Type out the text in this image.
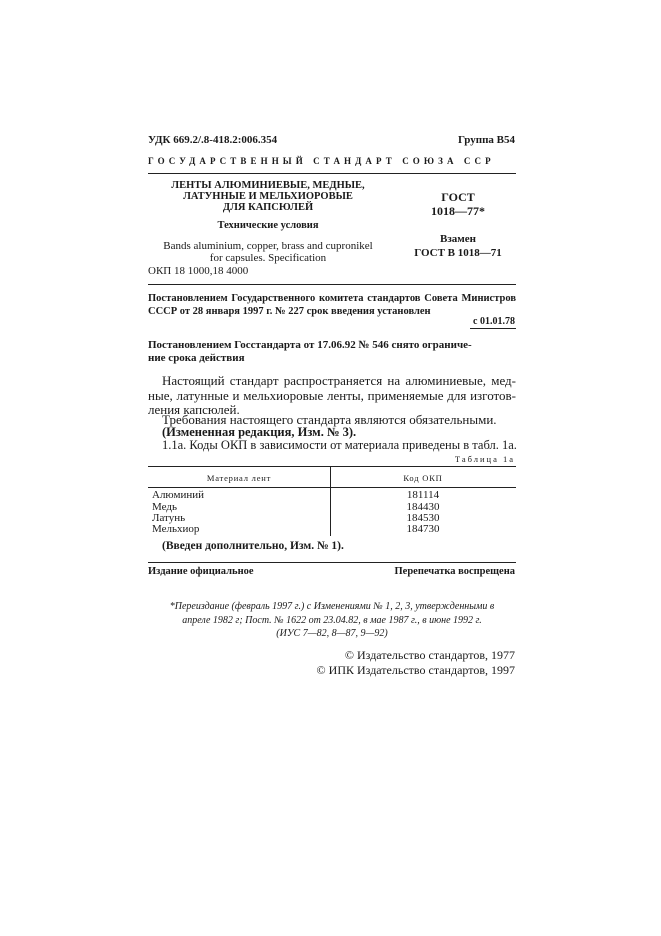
УДК 669.2/.8-418.2:006.354	Группа В54
ГОСУДАРСТВЕННЫЙ СТАНДАРТ СОЮЗА ССР
ЛЕНТЫ АЛЮМИНИЕВЫЕ, МЕДНЫЕ,
ЛАТУННЫЕ И МЕЛЬХИОРОВЫЕ
ДЛЯ КАПСЮЛЕЙ
Технические условия
Bands aluminium, copper, brass and cupronikel
for capsules. Specification
ОКП 18 1000,18 4000
ГОСТ
1018—77*
Взамен
ГОСТ В 1018—71
Постановлением Государственного комитета стандартов Совета Министров СССР от 28 января 1997 г. № 227 срок введения установлен
с 01.01.78
Постановлением Госстандарта от 17.06.92 № 546 снято ограниче-
ние срока действия
Настоящий стандарт распространяется на алюминиевые, мед-ные, латунные и мельхиоровые ленты, применяемые для изготов-ления капсюлей.
Требования настоящего стандарта являются обязательными.
(Измененная редакция, Изм. № 3).
1.1а. Коды ОКП в зависимости от материала приведены в табл. 1а.
Таблица 1а
Материал лент	Код ОКП
Алюминий	181114
Медь	184430
Латунь	184530
Мельхиор	184730
(Введен дополнительно, Изм. № 1).
Издание официальное	Перепечатка воспрещена
*Переиздание (февраль 1997 г.) с Изменениями № 1, 2, 3, утвержденными в
апреле 1982 г; Пост. № 1622 от 23.04.82, в мае 1987 г., в июне 1992 г.
(ИУС 7—82, 8—87, 9—92)
© Издательство стандартов, 1977
© ИПК Издательство стандартов, 1997
